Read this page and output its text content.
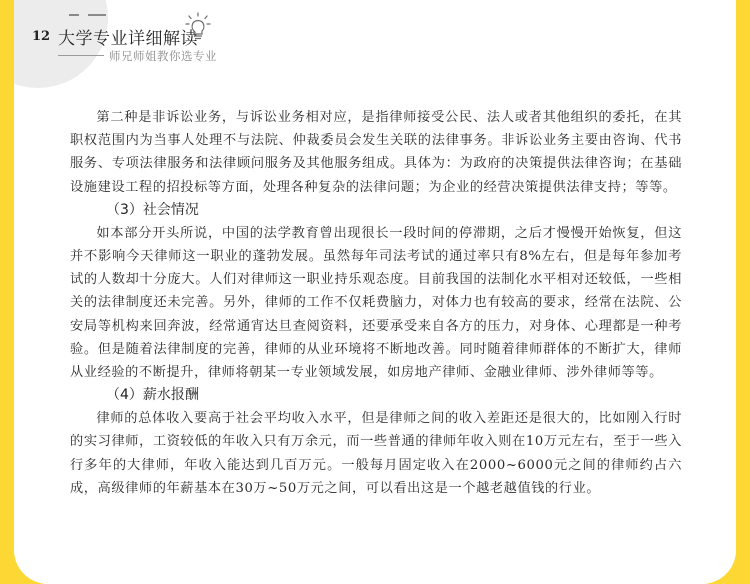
12 大学专业详细解读
师兄师姐教你选专业

第二种是非诉讼业务，与诉讼业务相对应，是指律师接受公民、法人或者其他组织的委托，在其职权范围内为当事人处理不与法院、仲裁委员会发生关联的法律事务。非诉讼业务主要由咨询、代书服务、专项法律服务和法律顾问服务及其他服务组成。具体为：为政府的决策提供法律咨询；在基础设施建设工程的招投标等方面，处理各种复杂的法律问题；为企业的经营决策提供法律支持；等等。

（3）社会情况

如本部分开头所说，中国的法学教育曾出现很长一段时间的停滞期，之后才慢慢开始恢复，但这并不影响今天律师这一职业的蓬勃发展。虽然每年司法考试的通过率只有8%左右，但是每年参加考试的人数却十分庞大。人们对律师这一职业持乐观态度。目前我国的法制化水平相对还较低，一些相关的法律制度还未完善。另外，律师的工作不仅耗费脑力，对体力也有较高的要求，经常在法院、公安局等机构来回奔波，经常通宵达旦查阅资料，还要承受来自各方的压力，对身体、心理都是一种考验。但是随着法律制度的完善，律师的从业环境将不断地改善。同时随着律师群体的不断扩大，律师从业经验的不断提升，律师将朝某一专业领域发展，如房地产律师、金融业律师、涉外律师等等。

（4）薪水报酬

律师的总体收入要高于社会平均收入水平，但是律师之间的收入差距还是很大的，比如刚入行时的实习律师，工资较低的年收入只有万余元，而一些普通的律师年收入则在10万元左右，至于一些入行多年的大律师，年收入能达到几百万元。一般每月固定收入在2000~6000元之间的律师约占六成，高级律师的年薪基本在30万~50万元之间，可以看出这是一个越老越值钱的行业。
